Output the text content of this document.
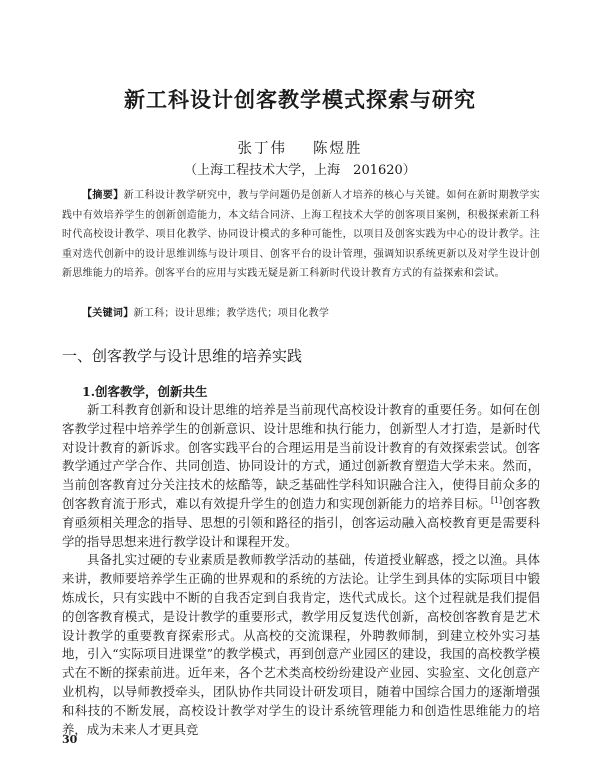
新工科设计创客教学模式探索与研究
张丁伟 陈煜胜
（上海工程技术大学，上海　201620）
【摘要】新工科设计教学研究中，教与学问题仍是创新人才培养的核心与关键。如何在新时期教学实践中有效培养学生的创新创造能力，本文结合同济、上海工程技术大学的创客项目案例，积极探索新工科时代高校设计教学、项目化教学、协同设计模式的多种可能性，以项目及创客实践为中心的设计教学。注重对迭代创新中的设计思维训练与设计项目、创客平台的设计管理，强调知识系统更新以及对学生设计创新思维能力的培养。创客平台的应用与实践无疑是新工科新时代设计教育方式的有益探索和尝试。
【关键词】新工科；设计思维；教学迭代；项目化教学
一、创客教学与设计思维的培养实践
1.创客教学，创新共生

新工科教育创新和设计思维的培养是当前现代高校设计教育的重要任务。如何在创客教学过程中培养学生的创新意识、设计思维和执行能力，创新型人才打造，是新时代对设计教育的新诉求。创客实践平台的合理运用是当前设计教育的有效探索尝试。创客教学通过产学合作、共同创造、协同设计的方式，通过创新教育塑造大学未来。然而，当前创客教育过分关注技术的炫酷等，缺乏基础性学科知识融合注入，使得目前众多的创客教育流于形式，难以有效提升学生的创造力和实现创新能力的培养目标。[1]创客教育亟须相关理念的指导、思想的引领和路径的指引，创客运动融入高校教育更是需要科学的指导思想来进行教学设计和课程开发。

具备扎实过硬的专业素质是教师教学活动的基础，传道授业解惑，授之以渔。具体来讲，教师要培养学生正确的世界观和的系统的方法论。让学生到具体的实际项目中锻炼成长，只有实践中不断的自我否定到自我肯定，迭代式成长。这个过程就是我们提倡的创客教育模式，是设计教学的重要形式，教学用反复迭代创新，高校创客教育是艺术设计教学的重要教育探索形式。从高校的交流课程，外聘教师制，到建立校外实习基地，引入“实际项目进课堂”的教学模式，再到创意产业园区的建设，我国的高校教学模式在不断的探索前进。近年来，各个艺术类高校纷纷建设产业园、实验室、文化创意产业机构，以导师教授牵头，团队协作共同设计研发项目，随着中国综合国力的逐渐增强和科技的不断发展，高校设计教学对学生的设计系统管理能力和创造性思维能力的培养，成为未来人才更具竞

30
